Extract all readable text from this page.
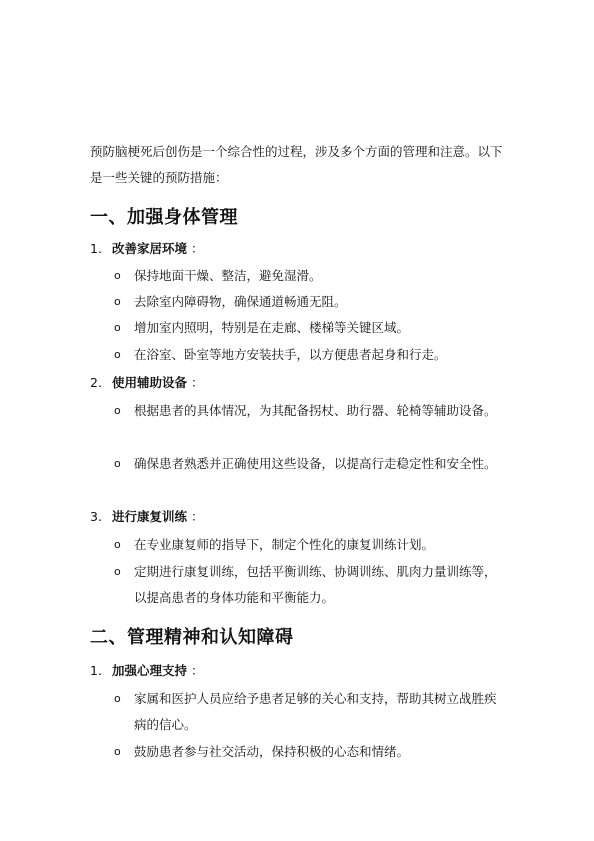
预防脑梗死后创伤是一个综合性的过程，涉及多个方面的管理和注意。以下是一些关键的预防措施：
一、加强身体管理
1. 改善家居环境 ：
o	保持地面干燥、整洁，避免湿滑。
o	去除室内障碍物，确保通道畅通无阻。
o	增加室内照明，特别是在走廊、楼梯等关键区域。
o	在浴室、卧室等地方安装扶手，以方便患者起身和行走。
2. 使用辅助设备 ：
o	根据患者的具体情况，为其配备拐杖、助行器、轮椅等辅助设备。
o	确保患者熟悉并正确使用这些设备，以提高行走稳定性和安全性。
3. 进行康复训练 ：
o	在专业康复师的指导下，制定个性化的康复训练计划。
o	定期进行康复训练，包括平衡训练、协调训练、肌肉力量训练等，以提高患者的身体功能和平衡能力。
二、管理精神和认知障碍
1. 加强心理支持 ：
o	家属和医护人员应给予患者足够的关心和支持，帮助其树立战胜疾病的信心。
o	鼓励患者参与社交活动，保持积极的心态和情绪。
